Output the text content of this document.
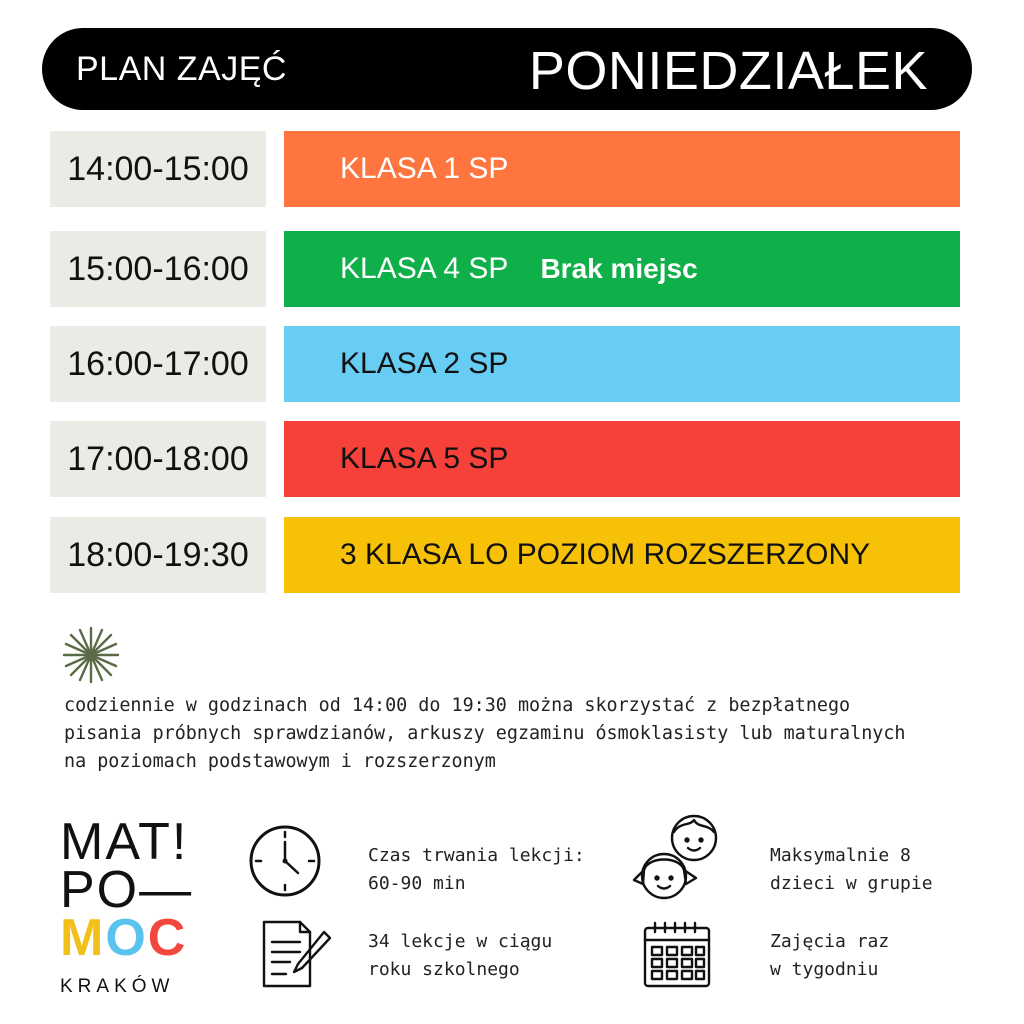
PLAN ZAJĘĆ	PONIEDZIAŁEK
14:00-15:00	KLASA 1 SP
15:00-16:00	KLASA 4 SP Brak miejsc
16:00-17:00	KLASA 2 SP
17:00-18:00	KLASA 5 SP
18:00-19:30	3 KLASA LO POZIOM ROZSZERZONY
codziennie w godzinach od 14:00 do 19:30 można skorzystać z bezpłatnego
pisania próbnych sprawdzianów, arkuszy egzaminu ósmoklasisty lub maturalnych
na poziomach podstawowym i rozszerzonym
MAT!
PO—
MOC
KRAKÓW
Czas trwania lekcji:
60-90 min
Maksymalnie 8
dzieci w grupie
34 lekcje w ciągu
roku szkolnego
Zajęcia raz
w tygodniu
